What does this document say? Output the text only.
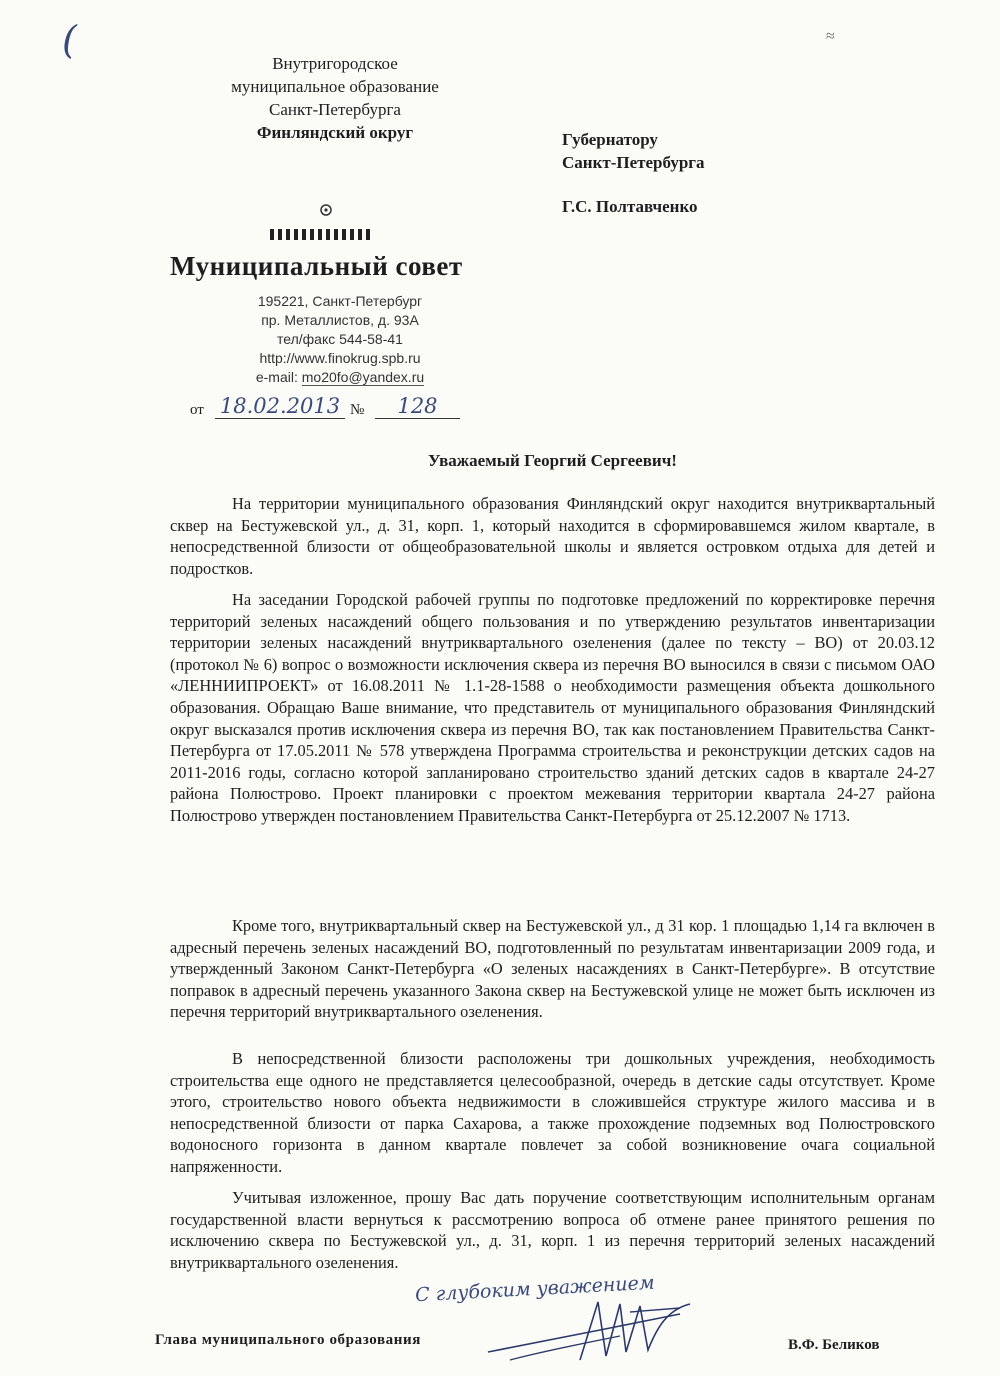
(	≈
Внутригородское
муниципальное образование
Санкт-Петербурга
Финляндский округ
Муниципальный совет
195221, Санкт-Петербург
пр. Металлистов, д. 93А
тел/факс 544-58-41
http://www.finokrug.spb.ru
e-mail: mo20fo@yandex.ru
от 18.02.2013 №	128
Губернатору
Санкт-Петербурга
Г.С. Полтавченко
Уважаемый Георгий Сергеевич!
На территории муниципального образования Финляндский округ находится внутриквартальный сквер на Бестужевской ул., д. 31, корп. 1, который находится в сформировавшемся жилом квартале, в непосредственной близости от общеобразовательной школы и является островком отдыха для детей и подростков.
На заседании Городской рабочей группы по подготовке предложений по корректировке перечня территорий зеленых насаждений общего пользования и по утверждению результатов инвентаризации территории зеленых насаждений внутриквартального озеленения (далее по тексту – ВО) от 20.03.12 (протокол № 6) вопрос о возможности исключения сквера из перечня ВО выносился в связи с письмом ОАО «ЛЕННИИПРОЕКТ» от 16.08.2011 № 1.1-28-1588 о необходимости размещения объекта дошкольного образования. Обращаю Ваше внимание, что представитель от муниципального образования Финляндский округ высказался против исключения сквера из перечня ВО, так как постановлением Правительства Санкт-Петербурга от 17.05.2011 № 578 утверждена Программа строительства и реконструкции детских садов на 2011-2016 годы, согласно которой запланировано строительство зданий детских садов в квартале 24-27 района Полюстрово. Проект планировки с проектом межевания территории квартала 24-27 района Полюстрово утвержден постановлением Правительства Санкт-Петербурга от 25.12.2007 № 1713.
Кроме того, внутриквартальный сквер на Бестужевской ул., д 31 кор. 1 площадью 1,14 га включен в адресный перечень зеленых насаждений ВО, подготовленный по результатам инвентаризации 2009 года, и утвержденный Законом Санкт-Петербурга «О зеленых насаждениях в Санкт-Петербурге». В отсутствие поправок в адресный перечень указанного Закона сквер на Бестужевской улице не может быть исключен из перечня территорий внутриквартального озеленения.
В непосредственной близости расположены три дошкольных учреждения, необходимость строительства еще одного не представляется целесообразной, очередь в детские сады отсутствует. Кроме этого, строительство нового объекта недвижимости в сложившейся структуре жилого массива и в непосредственной близости от парка Сахарова, а также прохождение подземных вод Полюстровского водоносного горизонта в данном квартале повлечет за собой возникновение очага социальной напряженности.
Учитывая изложенное, прошу Вас дать поручение соответствующим исполнительным органам государственной власти вернуться к рассмотрению вопроса об отмене ранее принятого решения по исключению сквера по Бестужевской ул., д. 31, корп. 1 из перечня территорий зеленых насаждений внутриквартального озеленения.
С глубоким уважением
Глава муниципального образования	В.Ф. Беликов
